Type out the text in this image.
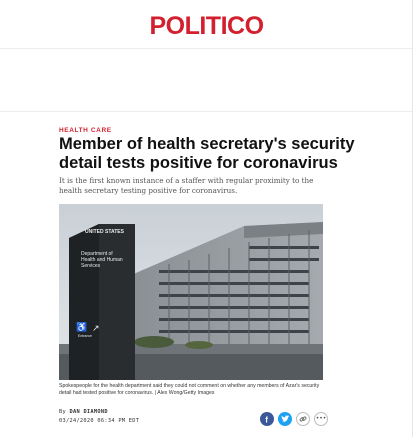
POLITICO
HEALTH CARE
Member of health secretary's security detail tests positive for coronavirus
It is the first known instance of a staffer with regular proximity to the health secretary testing positive for coronavirus.
UNITED STATES
Department of
Health and Human
Services
♿ ↗
Entrance
Spokespeople for the health department said they could not comment on whether any members of Azar's security detail had tested positive for coronavirus. | Alex Wong/Getty Images
By DAN DIAMOND
03/24/2020 06:34 PM EDT	f	•••
